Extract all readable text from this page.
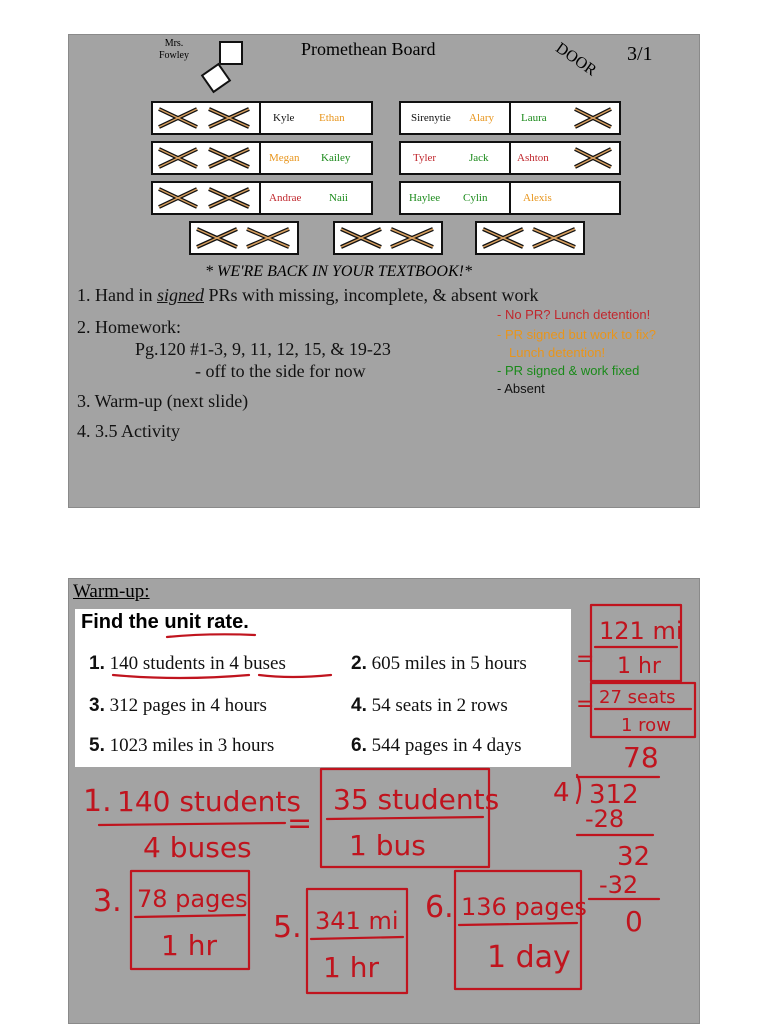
Mrs.
Fowley	Promethean Board	DOOR 3/1
Kyle Ethan	Sirenytie Alary Laura
Megan Kailey	Tyler	Jack	Ashton
Andrae	Naii	Haylee Cylin	Alexis
* WE'RE BACK IN YOUR TEXTBOOK!*
1. Hand in signed PRs with missing, incomplete, & absent work
2. Homework:
Pg.120 #1-3, 9, 11, 12, 15, & 19-23
- off to the side for now
3. Warm-up (next slide)
4. 3.5 Activity
- No PR? Lunch detention!
- PR signed but work to fix?
Lunch detention!
- PR signed & work fixed
- Absent
Warm-up:
Find the unit rate.
1. 140 students in 4 buses	2. 605 miles in 5 hours
3. 312 pages in 4 hours	4. 54 seats in 2 rows
5. 1023 miles in 3 hours	6. 544 pages in 4 days
=
121 mi
1 hr
= 27 seats
1 row
1. 140 students
4 buses
=
35 students
1 bus
78
4 312
-28
32
-32
0
3. 78 pages
1 hr
5. 341 mi
1 hr
6. 136 pages
1 day
